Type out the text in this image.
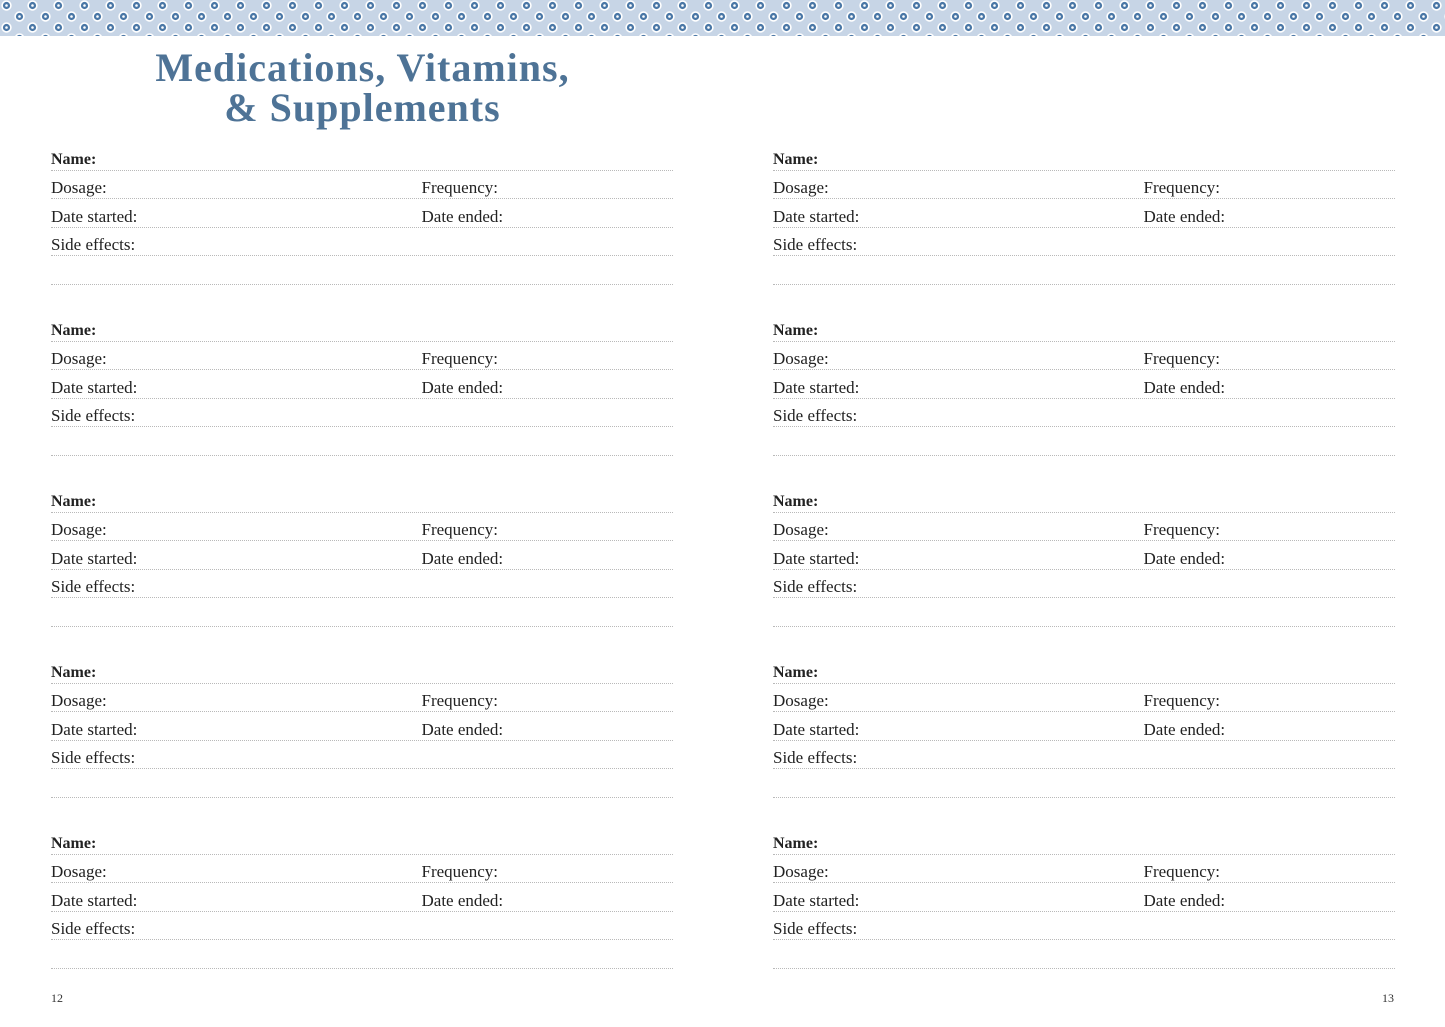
Medications, Vitamins,
& Supplements
Name:
Dosage:	Frequency:
Date started:	Date ended:
Side effects:
Name:
Dosage:	Frequency:
Date started:	Date ended:
Side effects:
Name:
Dosage:	Frequency:
Date started:	Date ended:
Side effects:
Name:
Dosage:	Frequency:
Date started:	Date ended:
Side effects:
Name:
Dosage:	Frequency:
Date started:	Date ended:
Side effects:
Name:
Dosage:	Frequency:
Date started:	Date ended:
Side effects:
Name:
Dosage:	Frequency:
Date started:	Date ended:
Side effects:
Name:
Dosage:	Frequency:
Date started:	Date ended:
Side effects:
Name:
Dosage:	Frequency:
Date started:	Date ended:
Side effects:
Name:
Dosage:	Frequency:
Date started:	Date ended:
Side effects:
12	13
